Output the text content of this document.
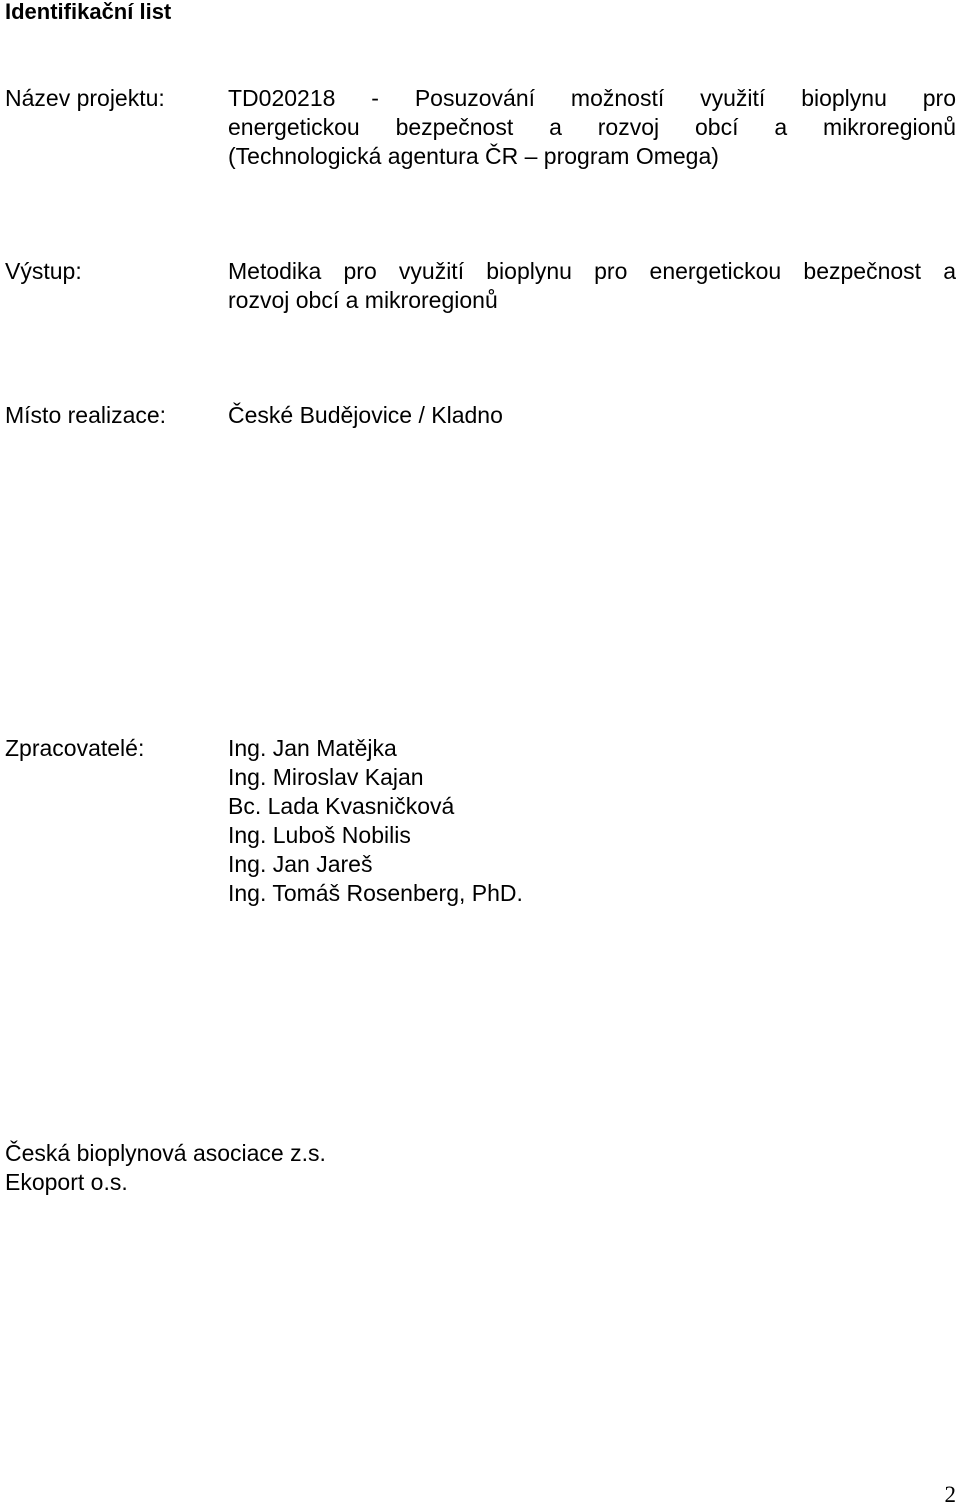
Identifikační list
Název projektu:	TD020218 - Posuzování možností využití bioplynu pro
energetickou bezpečnost a rozvoj obcí a mikroregionů
(Technologická agentura ČR – program Omega)
Výstup:	Metodika pro využití bioplynu pro energetickou bezpečnost a
rozvoj obcí a mikroregionů
Místo realizace:	České Budějovice / Kladno
Zpracovatelé:	Ing. Jan Matějka
Ing. Miroslav Kajan
Bc. Lada Kvasničková
Ing. Luboš Nobilis
Ing. Jan Jareš
Ing. Tomáš Rosenberg, PhD.
Česká bioplynová asociace z.s.
Ekoport o.s.
2
